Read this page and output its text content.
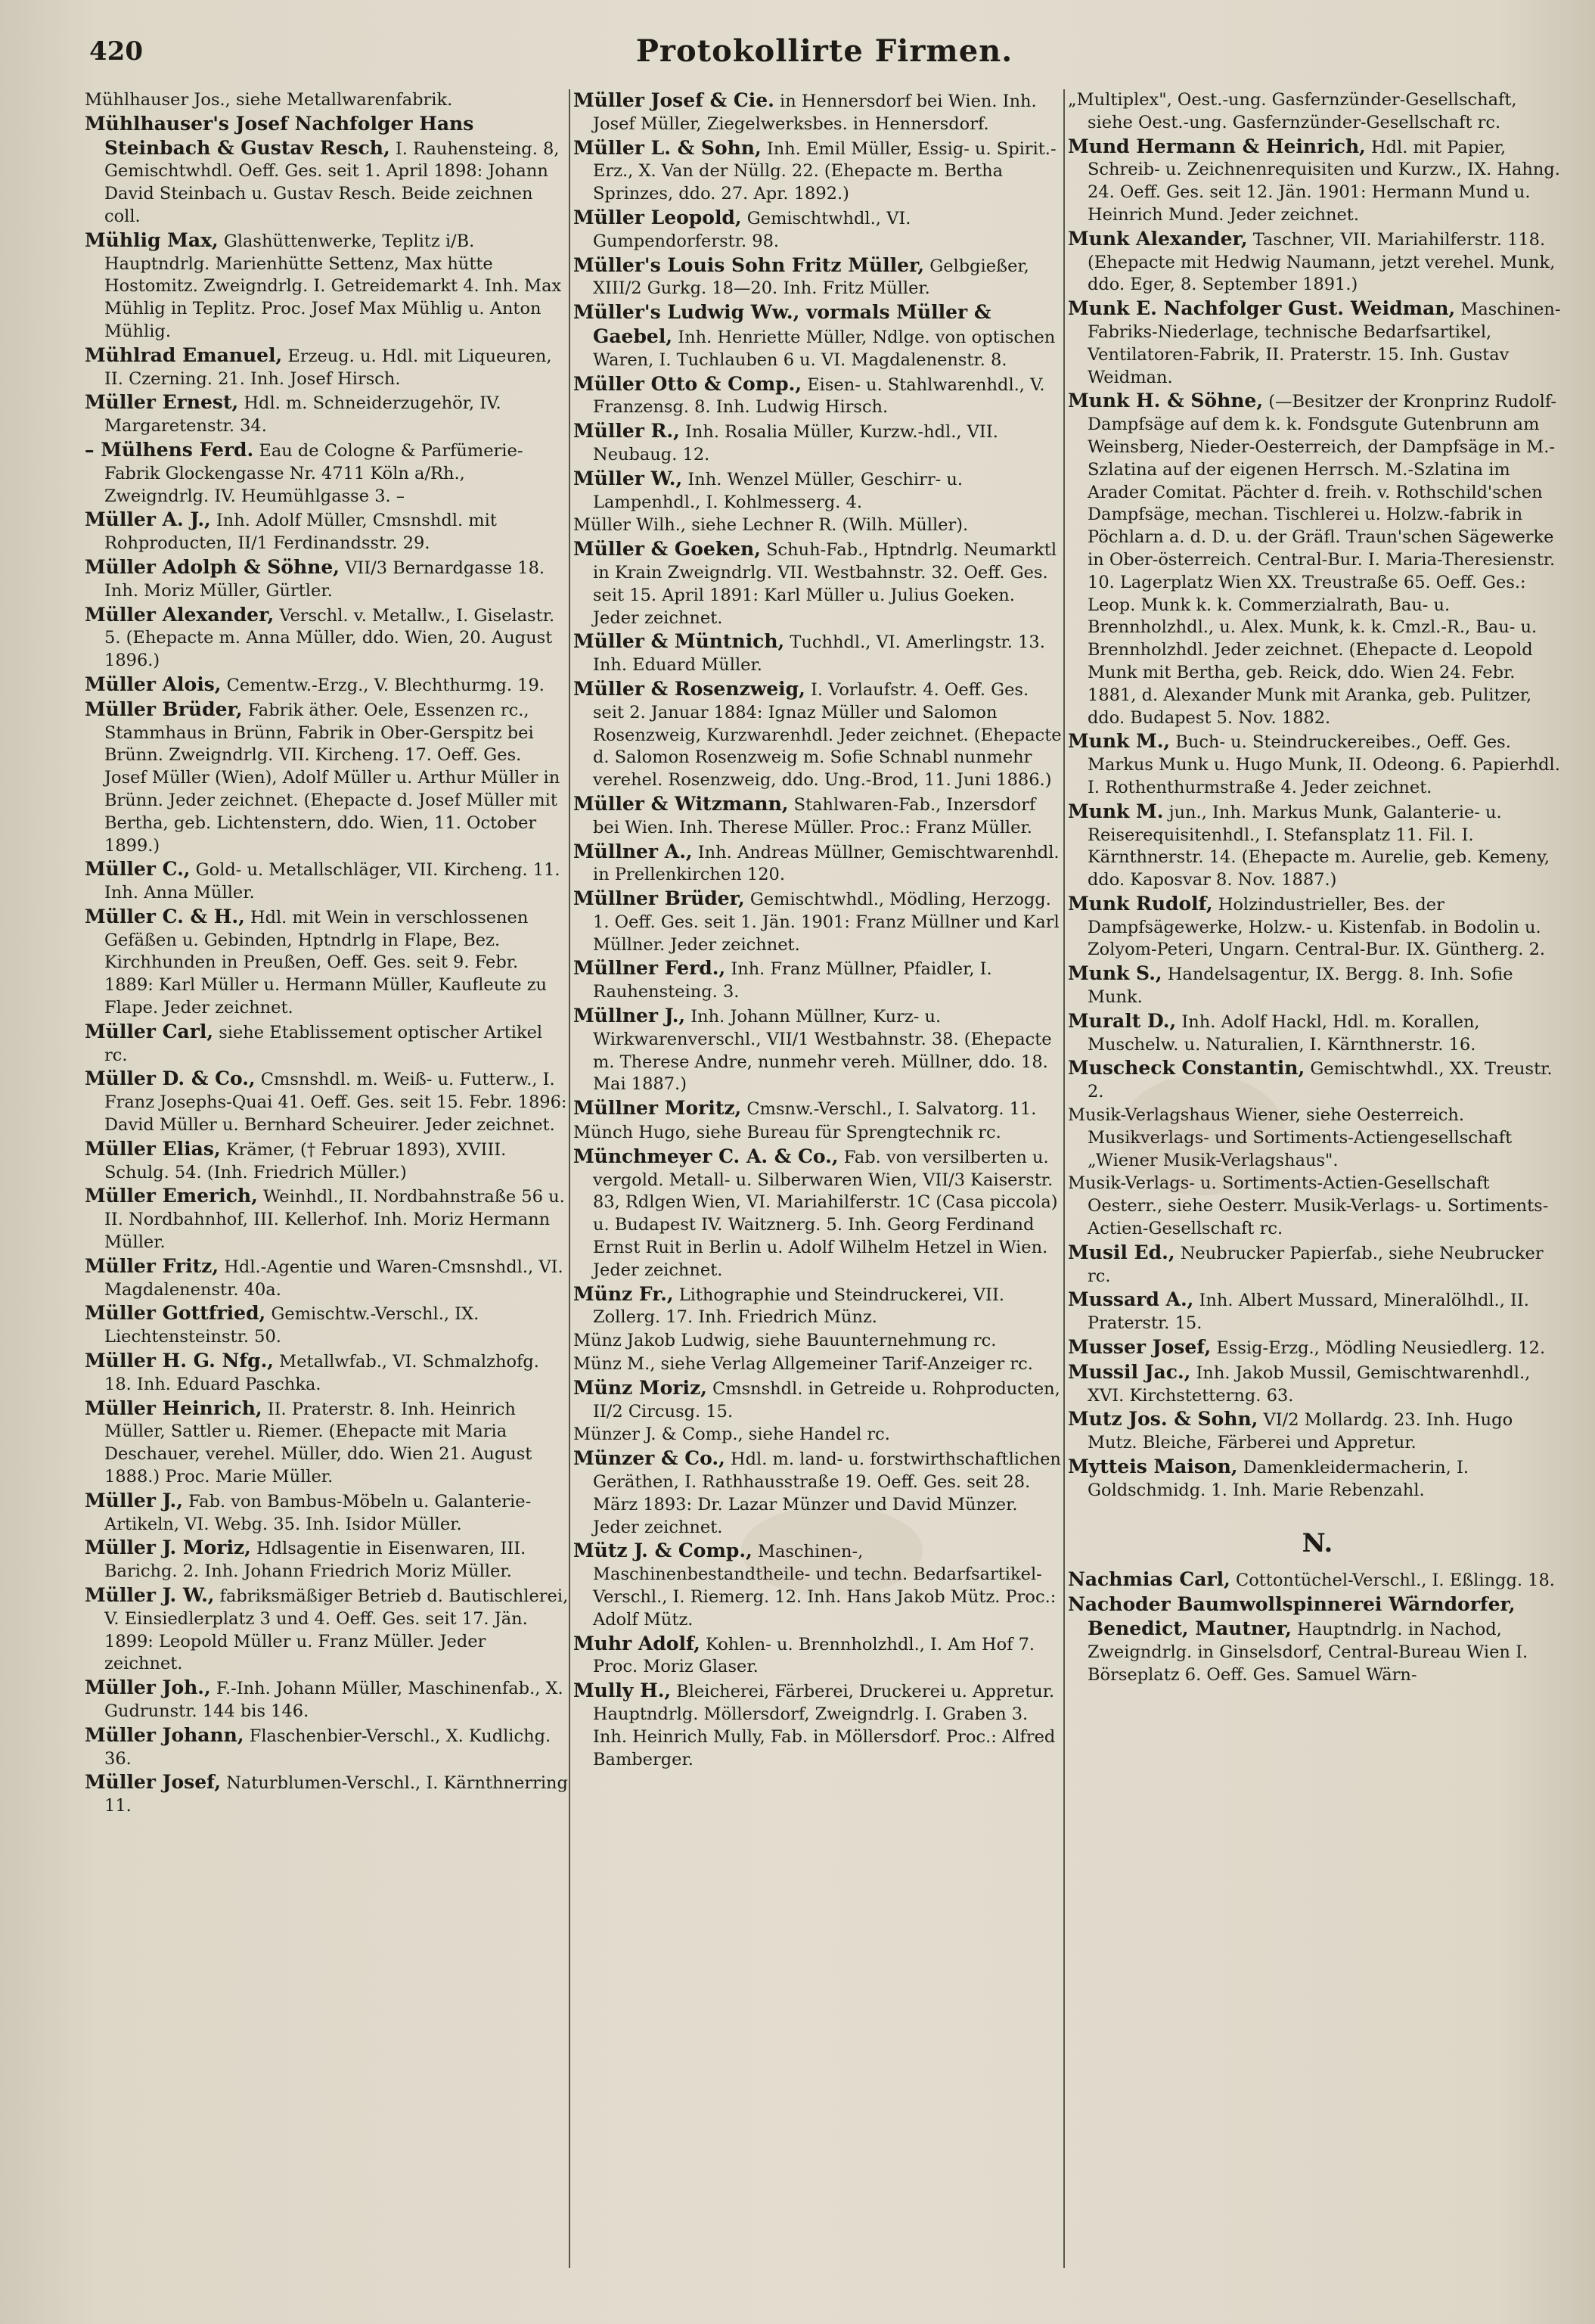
420	Protokollirte Firmen.
Mühlhauser Jos., siehe Metallwarenfabrik.
Mühlhauser's Josef Nachfolger Hans Steinbach & Gustav Resch, I. Rauhensteing. 8, Gemischtwhdl. Oeff. Ges. seit 1. April 1898: Johann David Steinbach u. Gustav Resch. Beide zeichnen coll.
Mühlig Max, Glashüttenwerke, Teplitz i/B. Hauptndrlg. Marienhütte Settenz, Max hütte Hostomitz. Zweigndrlg. I. Getreidemarkt 4. Inh. Max Mühlig in Teplitz. Proc. Josef Max Mühlig u. Anton Mühlig.
Mühlrad Emanuel, Erzeug. u. Hdl. mit Liqueuren, II. Czerning. 21. Inh. Josef Hirsch.
Müller Ernest, Hdl. m. Schneiderzugehör, IV. Margaretenstr. 34.
– Mülhens Ferd. Eau de Cologne & Parfümerie-Fabrik Glockengasse Nr. 4711 Köln a/Rh., Zweigndrlg. IV. Heumühlgasse 3. –
Müller A. J., Inh. Adolf Müller, Cmsnshdl. mit Rohproducten, II/1 Ferdinandsstr. 29.
Müller Adolph & Söhne, VII/3 Bernardgasse 18. Inh. Moriz Müller, Gürtler.
Müller Alexander, Verschl. v. Metallw., I. Giselastr. 5. (Ehepacte m. Anna Müller, ddo. Wien, 20. August 1896.)
Müller Alois, Cementw.-Erzg., V. Blechthurmg. 19.
Müller Brüder, Fabrik äther. Oele, Essenzen rc., Stammhaus in Brünn, Fabrik in Ober-Gerspitz bei Brünn. Zweigndrlg. VII. Kircheng. 17. Oeff. Ges. Josef Müller (Wien), Adolf Müller u. Arthur Müller in Brünn. Jeder zeichnet. (Ehepacte d. Josef Müller mit Bertha, geb. Lichtenstern, ddo. Wien, 11. October 1899.)
Müller C., Gold- u. Metallschläger, VII. Kircheng. 11. Inh. Anna Müller.
Müller C. & H., Hdl. mit Wein in verschlossenen Gefäßen u. Gebinden, Hptndrlg in Flape, Bez. Kirchhunden in Preußen, Oeff. Ges. seit 9. Febr. 1889: Karl Müller u. Hermann Müller, Kaufleute zu Flape. Jeder zeichnet.
Müller Carl, siehe Etablissement optischer Artikel rc.
Müller D. & Co., Cmsnshdl. m. Weiß- u. Futterw., I. Franz Josephs-Quai 41. Oeff. Ges. seit 15. Febr. 1896: David Müller u. Bernhard Scheuirer. Jeder zeichnet.
Müller Elias, Krämer, († Februar 1893), XVIII. Schulg. 54. (Inh. Friedrich Müller.)
Müller Emerich, Weinhdl., II. Nordbahnstraße 56 u. II. Nordbahnhof, III. Kellerhof. Inh. Moriz Hermann Müller.
Müller Fritz, Hdl.-Agentie und Waren-Cmsnshdl., VI. Magdalenenstr. 40a.
Müller Gottfried, Gemischtw.-Verschl., IX. Liechtensteinstr. 50.
Müller H. G. Nfg., Metallwfab., VI. Schmalzhofg. 18. Inh. Eduard Paschka.
Müller Heinrich, II. Praterstr. 8. Inh. Heinrich Müller, Sattler u. Riemer. (Ehepacte mit Maria Deschauer, verehel. Müller, ddo. Wien 21. August 1888.) Proc. Marie Müller.
Müller J., Fab. von Bambus-Möbeln u. Galanterie-Artikeln, VI. Webg. 35. Inh. Isidor Müller.
Müller J. Moriz, Hdlsagentie in Eisenwaren, III. Barichg. 2. Inh. Johann Friedrich Moriz Müller.
Müller J. W., fabriksmäßiger Betrieb d. Bautischlerei, V. Einsiedlerplatz 3 und 4. Oeff. Ges. seit 17. Jän. 1899: Leopold Müller u. Franz Müller. Jeder zeichnet.
Müller Joh., F.-Inh. Johann Müller, Maschinenfab., X. Gudrunstr. 144 bis 146.
Müller Johann, Flaschenbier-Verschl., X. Kudlichg. 36.
Müller Josef, Naturblumen-Verschl., I. Kärnthnerring 11.
Müller Josef & Cie. in Hennersdorf bei Wien. Inh. Josef Müller, Ziegelwerksbes. in Hennersdorf.
Müller L. & Sohn, Inh. Emil Müller, Essig- u. Spirit.-Erz., X. Van der Nüllg. 22. (Ehepacte m. Bertha Sprinzes, ddo. 27. Apr. 1892.)
Müller Leopold, Gemischtwhdl., VI. Gumpendorferstr. 98.
Müller's Louis Sohn Fritz Müller, Gelbgießer, XIII/2 Gurkg. 18—20. Inh. Fritz Müller.
Müller's Ludwig Ww., vormals Müller & Gaebel, Inh. Henriette Müller, Ndlge. von optischen Waren, I. Tuchlauben 6 u. VI. Magdalenenstr. 8.
Müller Otto & Comp., Eisen- u. Stahlwarenhdl., V. Franzensg. 8. Inh. Ludwig Hirsch.
Müller R., Inh. Rosalia Müller, Kurzw.-hdl., VII. Neubaug. 12.
Müller W., Inh. Wenzel Müller, Geschirr- u. Lampenhdl., I. Kohlmesserg. 4.
Müller Wilh., siehe Lechner R. (Wilh. Müller).
Müller & Goeken, Schuh-Fab., Hptndrlg. Neumarktl in Krain Zweigndrlg. VII. Westbahnstr. 32. Oeff. Ges. seit 15. April 1891: Karl Müller u. Julius Goeken. Jeder zeichnet.
Müller & Müntnich, Tuchhdl., VI. Amerlingstr. 13. Inh. Eduard Müller.
Müller & Rosenzweig, I. Vorlaufstr. 4. Oeff. Ges. seit 2. Januar 1884: Ignaz Müller und Salomon Rosenzweig, Kurzwarenhdl. Jeder zeichnet. (Ehepacte d. Salomon Rosenzweig m. Sofie Schnabl nunmehr verehel. Rosenzweig, ddo. Ung.-Brod, 11. Juni 1886.)
Müller & Witzmann, Stahlwaren-Fab., Inzersdorf bei Wien. Inh. Therese Müller. Proc.: Franz Müller.
Müllner A., Inh. Andreas Müllner, Gemischtwarenhdl. in Prellenkirchen 120.
Müllner Brüder, Gemischtwhdl., Mödling, Herzogg. 1. Oeff. Ges. seit 1. Jän. 1901: Franz Müllner und Karl Müllner. Jeder zeichnet.
Müllner Ferd., Inh. Franz Müllner, Pfaidler, I. Rauhensteing. 3.
Müllner J., Inh. Johann Müllner, Kurz- u. Wirkwarenverschl., VII/1 Westbahnstr. 38. (Ehepacte m. Therese Andre, nunmehr vereh. Müllner, ddo. 18. Mai 1887.)
Müllner Moritz, Cmsnw.-Verschl., I. Salvatorg. 11.
Münch Hugo, siehe Bureau für Sprengtechnik rc.
Münchmeyer C. A. & Co., Fab. von versilberten u. vergold. Metall- u. Silberwaren Wien, VII/3 Kaiserstr. 83, Rdlgen Wien, VI. Mariahilferstr. 1C (Casa piccola) u. Budapest IV. Waitznerg. 5. Inh. Georg Ferdinand Ernst Ruit in Berlin u. Adolf Wilhelm Hetzel in Wien. Jeder zeichnet.
Münz Fr., Lithographie und Steindruckerei, VII. Zollerg. 17. Inh. Friedrich Münz.
Münz Jakob Ludwig, siehe Bauunternehmung rc.
Münz M., siehe Verlag Allgemeiner Tarif-Anzeiger rc.
Münz Moriz, Cmsnshdl. in Getreide u. Rohproducten, II/2 Circusg. 15.
Münzer J. & Comp., siehe Handel rc.
Münzer & Co., Hdl. m. land- u. forstwirthschaftlichen Geräthen, I. Rathhausstraße 19. Oeff. Ges. seit 28. März 1893: Dr. Lazar Münzer und David Münzer. Jeder zeichnet.
Mütz J. & Comp., Maschinen-, Maschinenbestandtheile- und techn. Bedarfsartikel-Verschl., I. Riemerg. 12. Inh. Hans Jakob Mütz. Proc.: Adolf Mütz.
Muhr Adolf, Kohlen- u. Brennholzhdl., I. Am Hof 7. Proc. Moriz Glaser.
Mully H., Bleicherei, Färberei, Druckerei u. Appretur. Hauptndrlg. Möllersdorf, Zweigndrlg. I. Graben 3. Inh. Heinrich Mully, Fab. in Möllersdorf. Proc.: Alfred Bamberger.
„Multiplex", Oest.-ung. Gasfernzünder-Gesellschaft, siehe Oest.-ung. Gasfernzünder-Gesellschaft rc.
Mund Hermann & Heinrich, Hdl. mit Papier, Schreib- u. Zeichnenrequisiten und Kurzw., IX. Hahng. 24. Oeff. Ges. seit 12. Jän. 1901: Hermann Mund u. Heinrich Mund. Jeder zeichnet.
Munk Alexander, Taschner, VII. Mariahilferstr. 118. (Ehepacte mit Hedwig Naumann, jetzt verehel. Munk, ddo. Eger, 8. September 1891.)
Munk E. Nachfolger Gust. Weidman, Maschinen-Fabriks-Niederlage, technische Bedarfsartikel, Ventilatoren-Fabrik, II. Praterstr. 15. Inh. Gustav Weidman.
Munk H. & Söhne, (—Besitzer der Kronprinz Rudolf-Dampfsäge auf dem k. k. Fondsgute Gutenbrunn am Weinsberg, Nieder-Oesterreich, der Dampfsäge in M.-Szlatina auf der eigenen Herrsch. M.-Szlatina im Arader Comitat. Pächter d. freih. v. Rothschild'schen Dampfsäge, mechan. Tischlerei u. Holzw.-fabrik in Pöchlarn a. d. D. u. der Gräfl. Traun'schen Sägewerke in Ober-österreich. Central-Bur. I. Maria-Theresienstr. 10. Lagerplatz Wien XX. Treustraße 65. Oeff. Ges.: Leop. Munk k. k. Commerzialrath, Bau- u. Brennholzhdl., u. Alex. Munk, k. k. Cmzl.-R., Bau- u. Brennholzhdl. Jeder zeichnet. (Ehepacte d. Leopold Munk mit Bertha, geb. Reick, ddo. Wien 24. Febr. 1881, d. Alexander Munk mit Aranka, geb. Pulitzer, ddo. Budapest 5. Nov. 1882.
Munk M., Buch- u. Steindruckereibes., Oeff. Ges. Markus Munk u. Hugo Munk, II. Odeong. 6. Papierhdl. I. Rothenthurmstraße 4. Jeder zeichnet.
Munk M. jun., Inh. Markus Munk, Galanterie- u. Reiserequisitenhdl., I. Stefansplatz 11. Fil. I. Kärnthnerstr. 14. (Ehepacte m. Aurelie, geb. Kemeny, ddo. Kaposvar 8. Nov. 1887.)
Munk Rudolf, Holzindustrieller, Bes. der Dampfsägewerke, Holzw.- u. Kistenfab. in Bodolin u. Zolyom-Peteri, Ungarn. Central-Bur. IX. Güntherg. 2.
Munk S., Handelsagentur, IX. Bergg. 8. Inh. Sofie Munk.
Muralt D., Inh. Adolf Hackl, Hdl. m. Korallen, Muschelw. u. Naturalien, I. Kärnthnerstr. 16.
Muscheck Constantin, Gemischtwhdl., XX. Treustr. 2.
Musik-Verlagshaus Wiener, siehe Oesterreich. Musikverlags- und Sortiments-Actiengesellschaft „Wiener Musik-Verlagshaus".
Musik-Verlags- u. Sortiments-Actien-Gesellschaft Oesterr., siehe Oesterr. Musik-Verlags- u. Sortiments-Actien-Gesellschaft rc.
Musil Ed., Neubrucker Papierfab., siehe Neubrucker rc.
Mussard A., Inh. Albert Mussard, Mineralölhdl., II. Praterstr. 15.
Musser Josef, Essig-Erzg., Mödling Neusiedlerg. 12.
Mussil Jac., Inh. Jakob Mussil, Gemischtwarenhdl., XVI. Kirchstetterng. 63.
Mutz Jos. & Sohn, VI/2 Mollardg. 23. Inh. Hugo Mutz. Bleiche, Färberei und Appretur.
Mytteis Maison, Damenkleidermacherin, I. Goldschmidg. 1. Inh. Marie Rebenzahl.
N.
Nachmias Carl, Cottontüchel-Verschl., I. Eßlingg. 18.
Nachoder Baumwollspinnerei Wärndorfer, Benedict, Mautner, Hauptndrlg. in Nachod, Zweigndrlg. in Ginselsdorf, Central-Bureau Wien I. Börseplatz 6. Oeff. Ges. Samuel Wärn-
